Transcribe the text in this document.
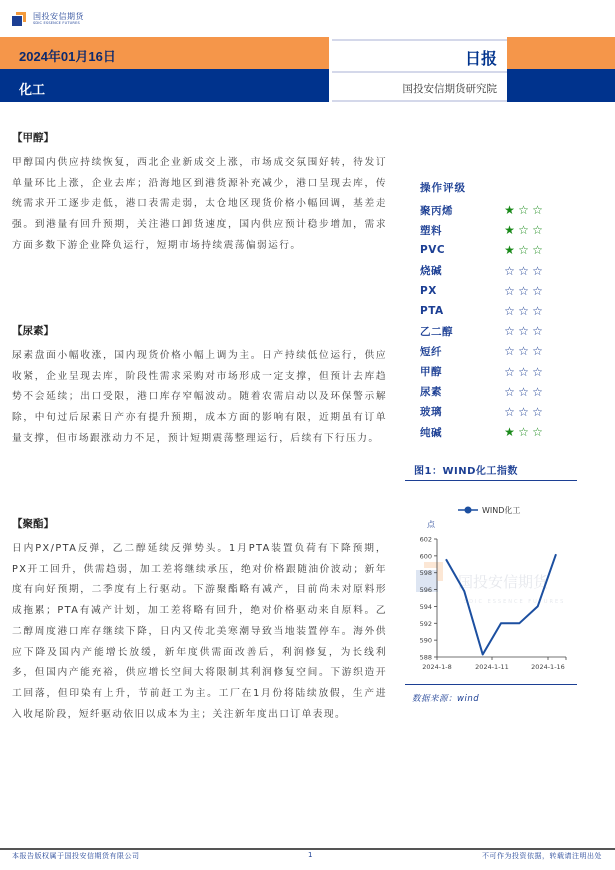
国投安信期货
SDIC ESSENCE FUTURES
2024年01月16日
化工
日报
国投安信期货研究院
【甲醇】
甲醇国内供应持续恢复，西北企业新成交上涨，市场成交氛围好转，待发订单量环比上涨，企业去库；沿海地区到港货源补充减少，港口呈现去库，传统需求开工逐步走低，港口表需走弱，太仓地区现货价格小幅回调，基差走强。到港量有回升预期，关注港口卸货速度，国内供应预计稳步增加，需求方面多数下游企业降负运行，短期市场持续震荡偏弱运行。
【尿素】
尿素盘面小幅收涨，国内现货价格小幅上调为主。日产持续低位运行，供应收紧，企业呈现去库，阶段性需求采购对市场形成一定支撑，但预计去库趋势不会延续；出口受限，港口库存窄幅波动。随着农需启动以及环保警示解除，中旬过后尿素日产亦有提升预期，成本方面的影响有限，近期虽有订单量支撑，但市场跟涨动力不足，预计短期震荡整理运行，后续有下行压力。
【聚酯】
日内PX/PTA反弹，乙二醇延续反弹势头。1月PTA装置负荷有下降预期，PX开工回升，供需趋弱，加工差将继续承压，绝对价格跟随油价波动；新年度有向好预期，二季度有上行驱动。下游聚酯略有减产，目前尚未对原料形成拖累；PTA有减产计划，加工差将略有回升，绝对价格驱动来自原料。乙二醇周度港口库存继续下降，日内又传北美寒潮导致当地装置停车。海外供应下降及国内产能增长放缓，新年度供需面改善后，利润修复，为长线利多，但国内产能充裕，供应增长空间大将限制其利润修复空间。下游织造开工回落，但印染有上升，节前赶工为主。工厂在1月份将陆续放假，生产进入收尾阶段，短纤驱动依旧以成本为主；关注新年度出口订单表现。
操作评级
聚丙烯	★ ☆ ☆
塑料	★ ☆ ☆
PVC	★ ☆ ☆
烧碱	☆ ☆ ☆
PX	☆ ☆ ☆
PTA	☆ ☆ ☆
乙二醇	☆ ☆ ☆
短纤	☆ ☆ ☆
甲醇	☆ ☆ ☆
尿素	☆ ☆ ☆
玻璃	☆ ☆ ☆
纯碱	★ ☆ ☆
图1：WIND化工指数
国投安信期货
SDIC ESSENCE FUTURES
WIND化工
点
588
590
592
594
596
598
600
602
2024-1-8	2024-1-11	2024-1-16
数据来源：wind
本报告版权属于国投安信期货有限公司	1	不可作为投资依据，转载请注明出处
